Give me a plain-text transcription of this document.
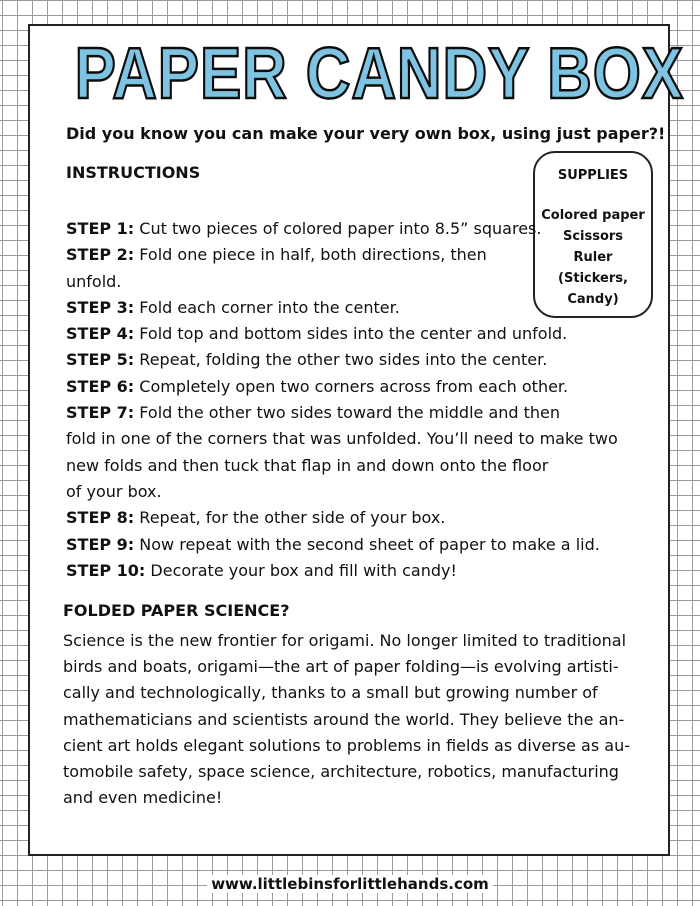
PAPER CANDY BOX
Did you know you can make your very own box, using just paper?!
INSTRUCTIONS	SUPPLIES
Colored paper
Scissors
Ruler
(Stickers,
Candy)
STEP 1: Cut two pieces of colored paper into 8.5” squares.
STEP 2: Fold one piece in half, both directions, then
unfold.
STEP 3: Fold each corner into the center.
STEP 4: Fold top and bottom sides into the center and unfold.
STEP 5: Repeat, folding the other two sides into the center.
STEP 6: Completely open two corners across from each other.
STEP 7: Fold the other two sides toward the middle and then
fold in one of the corners that was unfolded. You’ll need to make two
new folds and then tuck that flap in and down onto the floor
of your box.
STEP 8: Repeat, for the other side of your box.
STEP 9: Now repeat with the second sheet of paper to make a lid.
STEP 10: Decorate your box and fill with candy!
FOLDED PAPER SCIENCE?
Science is the new frontier for origami. No longer limited to traditional
birds and boats, origami—the art of paper folding—is evolving artisti-
cally and technologically, thanks to a small but growing number of
mathematicians and scientists around the world. They believe the an-
cient art holds elegant solutions to problems in fields as diverse as au-
tomobile safety, space science, architecture, robotics, manufacturing
and even medicine!
www.littlebinsforlittlehands.com
